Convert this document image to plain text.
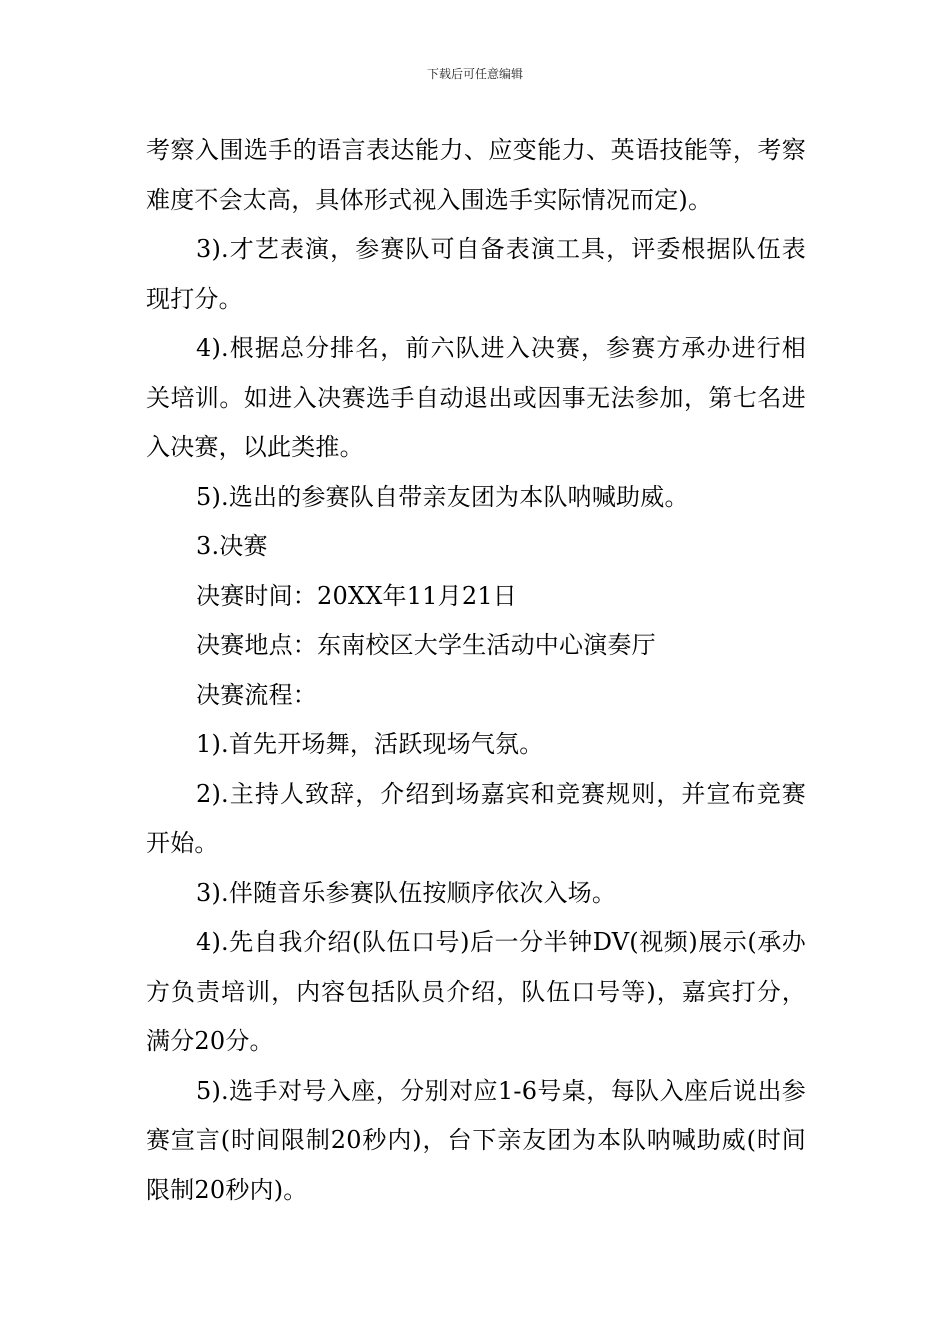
下载后可任意编辑

考察入围选手的语言表达能力、应变能力、英语技能等，考察难度不会太高，具体形式视入围选手实际情况而定)。

3).才艺表演，参赛队可自备表演工具，评委根据队伍表现打分。

4).根据总分排名，前六队进入决赛，参赛方承办进行相关培训。如进入决赛选手自动退出或因事无法参加，第七名进入决赛，以此类推。

5).选出的参赛队自带亲友团为本队呐喊助威。

3.决赛

决赛时间：20XX年11月21日

决赛地点：东南校区大学生活动中心演奏厅

决赛流程：

1).首先开场舞，活跃现场气氛。

2).主持人致辞，介绍到场嘉宾和竞赛规则，并宣布竞赛开始。

3).伴随音乐参赛队伍按顺序依次入场。

4).先自我介绍(队伍口号)后一分半钟DV(视频)展示(承办方负责培训，内容包括队员介绍，队伍口号等)，嘉宾打分，满分20分。

5).选手对号入座，分别对应1-6号桌，每队入座后说出参赛宣言(时间限制20秒内)，台下亲友团为本队呐喊助威(时间限制20秒内)。
